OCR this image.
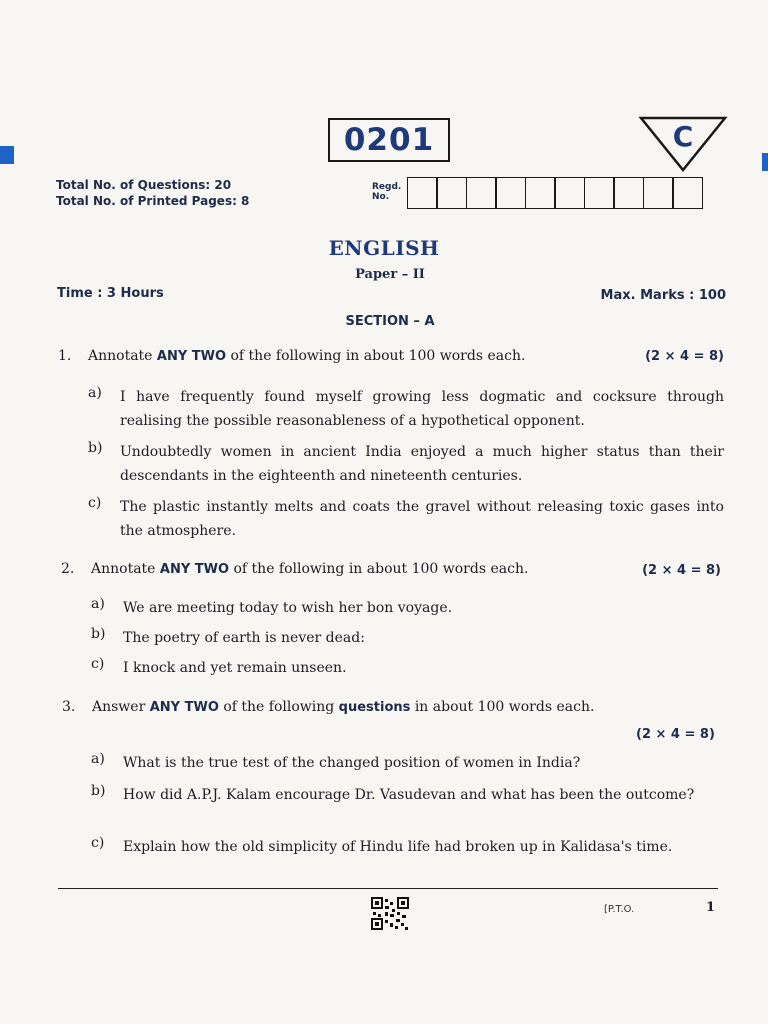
0201	C
Total No. of Questions: 20
Total No. of Printed Pages: 8
Regd.
No.
ENGLISH
Paper – II
Time : 3 Hours	Max. Marks : 100
SECTION – A
1. Annotate ANY TWO of the following in about 100 words each.	(2 × 4 = 8)
a) I have frequently found myself growing less dogmatic and cocksure through realising the possible reasonableness of a hypothetical opponent.
b) Undoubtedly women in ancient India enjoyed a much higher status than their descendants in the eighteenth and nineteenth centuries.
c) The plastic instantly melts and coats the gravel without releasing toxic gases into the atmosphere.
2. Annotate ANY TWO of the following in about 100 words each.	(2 × 4 = 8)
a) We are meeting today to wish her bon voyage.
b) The poetry of earth is never dead:
c) I knock and yet remain unseen.
3. Answer ANY TWO of the following questions in about 100 words each.
(2 × 4 = 8)
a) What is the true test of the changed position of women in India?
b) How did A.P.J. Kalam encourage Dr. Vasudevan and what has been the outcome?
c) Explain how the old simplicity of Hindu life had broken up in Kalidasa's time.
[P.T.O.	1
